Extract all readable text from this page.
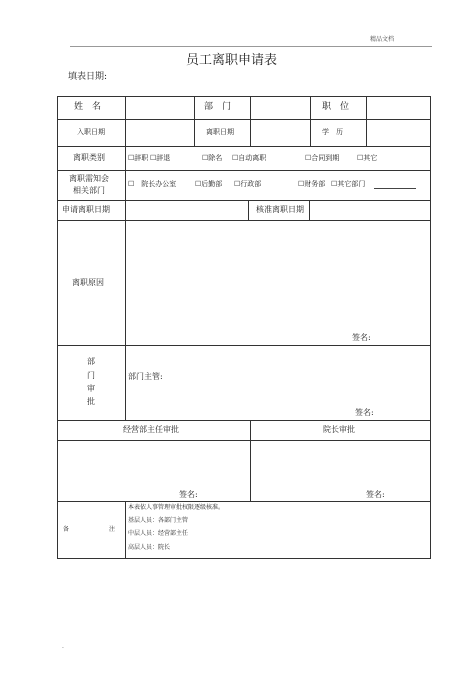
精品文档
员工离职申请表
填表日期:
姓　名	部　门	职　位
入职日期	离职日期	学　历
离职类别	☐辞职 ☐辞退	☐除名 ☐自动离职	☐合同到期	☐其它
离职需知会
相关部门
☐　院长办公室	☐后勤部 ☐行政部	☐财务部 ☐其它部门
申请离职日期	核准离职日期
离职原因
签名:
部
门
审
批
部门主管:
签名:
经营部主任审批	院长审批
签名:	签名:
备	注
本表依人事管理审批权限逐级核准。
基层人员：各部门主管
中层人员：经营部主任
高层人员：院长
.
